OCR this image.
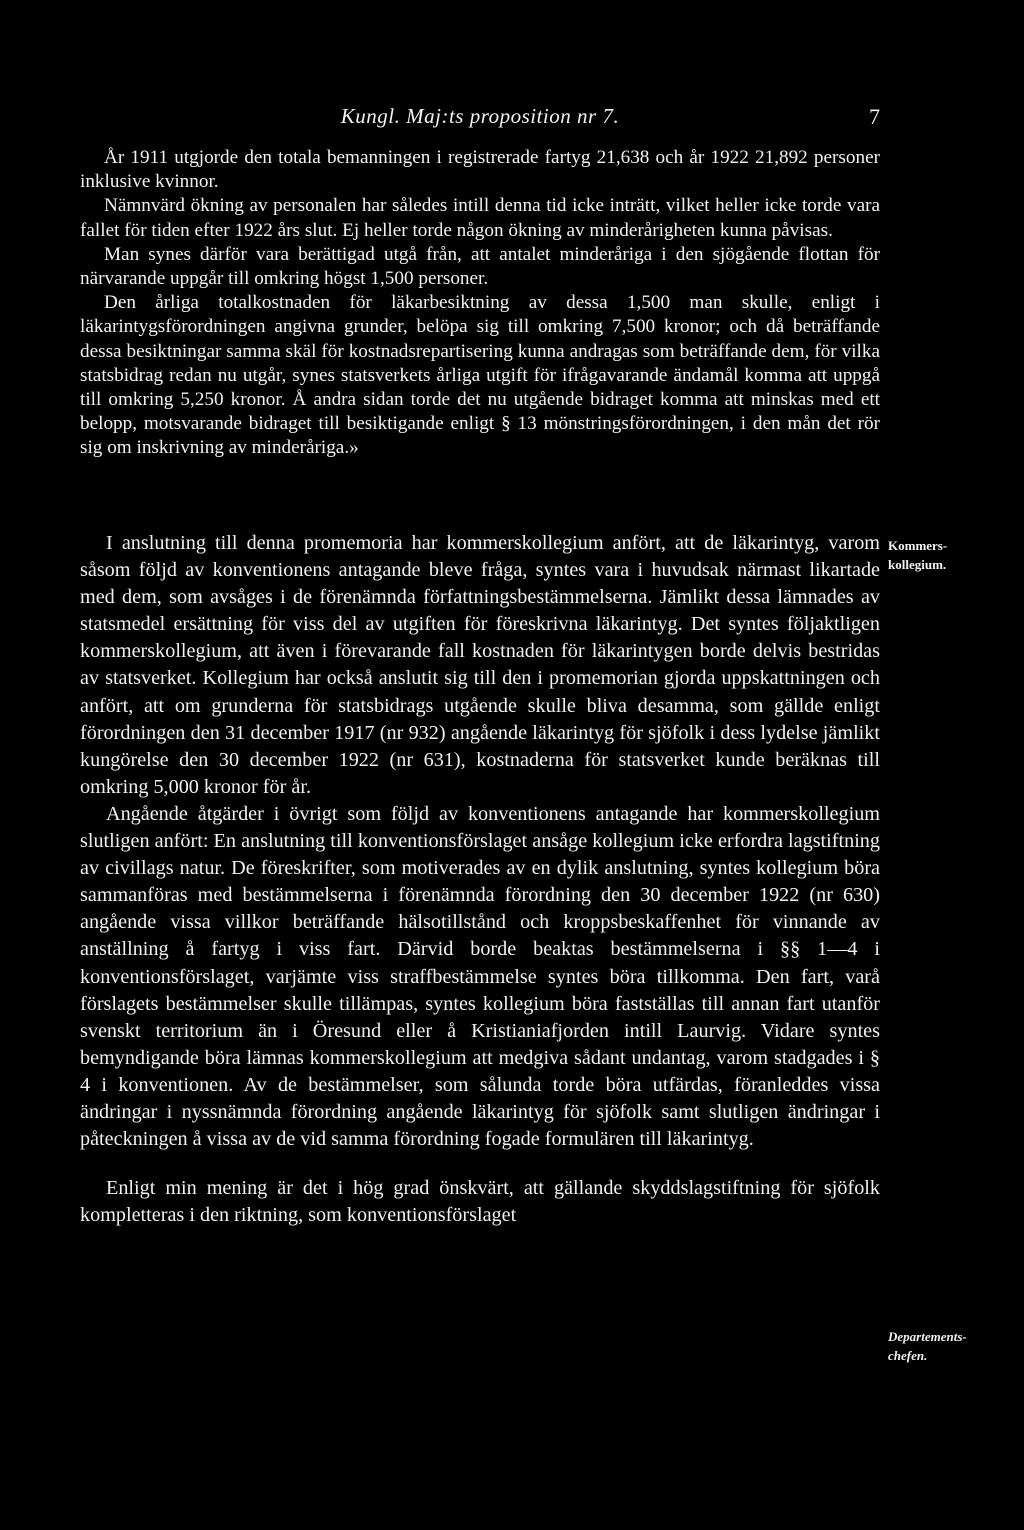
Kungl. Maj:ts proposition nr 7.	7

År 1911 utgjorde den totala bemanningen i registrerade fartyg 21,638 och år 1922 21,892 personer inklusive kvinnor.

Nämnvärd ökning av personalen har således intill denna tid icke inträtt, vilket heller icke torde vara fallet för tiden efter 1922 års slut. Ej heller torde någon ökning av minderårigheten kunna påvisas.

Man synes därför vara berättigad utgå från, att antalet minderåriga i den sjögående flottan för närvarande uppgår till omkring högst 1,500 personer.

Den årliga totalkostnaden för läkarbesiktning av dessa 1,500 man skulle, enligt i läkarintygsförordningen angivna grunder, belöpa sig till omkring 7,500 kronor; och då beträffande dessa besiktningar samma skäl för kostnadsrepartisering kunna andragas som beträffande dem, för vilka statsbidrag redan nu utgår, synes statsverkets årliga utgift för ifrågavarande ändamål komma att uppgå till omkring 5,250 kronor. Å andra sidan torde det nu utgående bidraget komma att minskas med ett belopp, motsvarande bidraget till besiktigande enligt § 13 mönstringsförordningen, i den mån det rör sig om inskrivning av minderåriga.»

I anslutning till denna promemoria har kommerskollegium anfört, att de läkarintyg, varom såsom följd av konventionens antagande bleve fråga, syntes vara i huvudsak närmast likartade med dem, som avsåges i de förenämnda författningsbestämmelserna. Jämlikt dessa lämnades av statsmedel ersättning för viss del av utgiften för föreskrivna läkarintyg. Det syntes följaktligen kommerskollegium, att även i förevarande fall kostnaden för läkarintygen borde delvis bestridas av statsverket. Kollegium har också anslutit sig till den i promemorian gjorda uppskattningen och anfört, att om grunderna för statsbidrags utgående skulle bliva desamma, som gällde enligt förordningen den 31 december 1917 (nr 932) angående läkarintyg för sjöfolk i dess lydelse jämlikt kungörelse den 30 december 1922 (nr 631), kostnaderna för statsverket kunde beräknas till omkring 5,000 kronor för år.

Angående åtgärder i övrigt som följd av konventionens antagande har kommerskollegium slutligen anfört: En anslutning till konventionsförslaget ansåge kollegium icke erfordra lagstiftning av civillags natur. De föreskrifter, som motiverades av en dylik anslutning, syntes kollegium böra sammanföras med bestämmelserna i förenämnda förordning den 30 december 1922 (nr 630) angående vissa villkor beträffande hälsotillstånd och kroppsbeskaffenhet för vinnande av anställning å fartyg i viss fart. Därvid borde beaktas bestämmelserna i §§ 1—4 i konventionsförslaget, varjämte viss straffbestämmelse syntes böra tillkomma. Den fart, varå förslagets bestämmelser skulle tillämpas, syntes kollegium böra fastställas till annan fart utanför svenskt territorium än i Öresund eller å Kristianiafjorden intill Laurvig. Vidare syntes bemyndigande böra lämnas kommerskollegium att medgiva sådant undantag, varom stadgades i § 4 i konventionen. Av de bestämmelser, som sålunda torde böra utfärdas, föranleddes vissa ändringar i nyssnämnda förordning angående läkarintyg för sjöfolk samt slutligen ändringar i påteckningen å vissa av de vid samma förordning fogade formulären till läkarintyg.

Enligt min mening är det i hög grad önskvärt, att gällande skyddslagstiftning för sjöfolk kompletteras i den riktning, som konventionsförslaget

Kommers-
kollegium.
Departements-
chefen.
